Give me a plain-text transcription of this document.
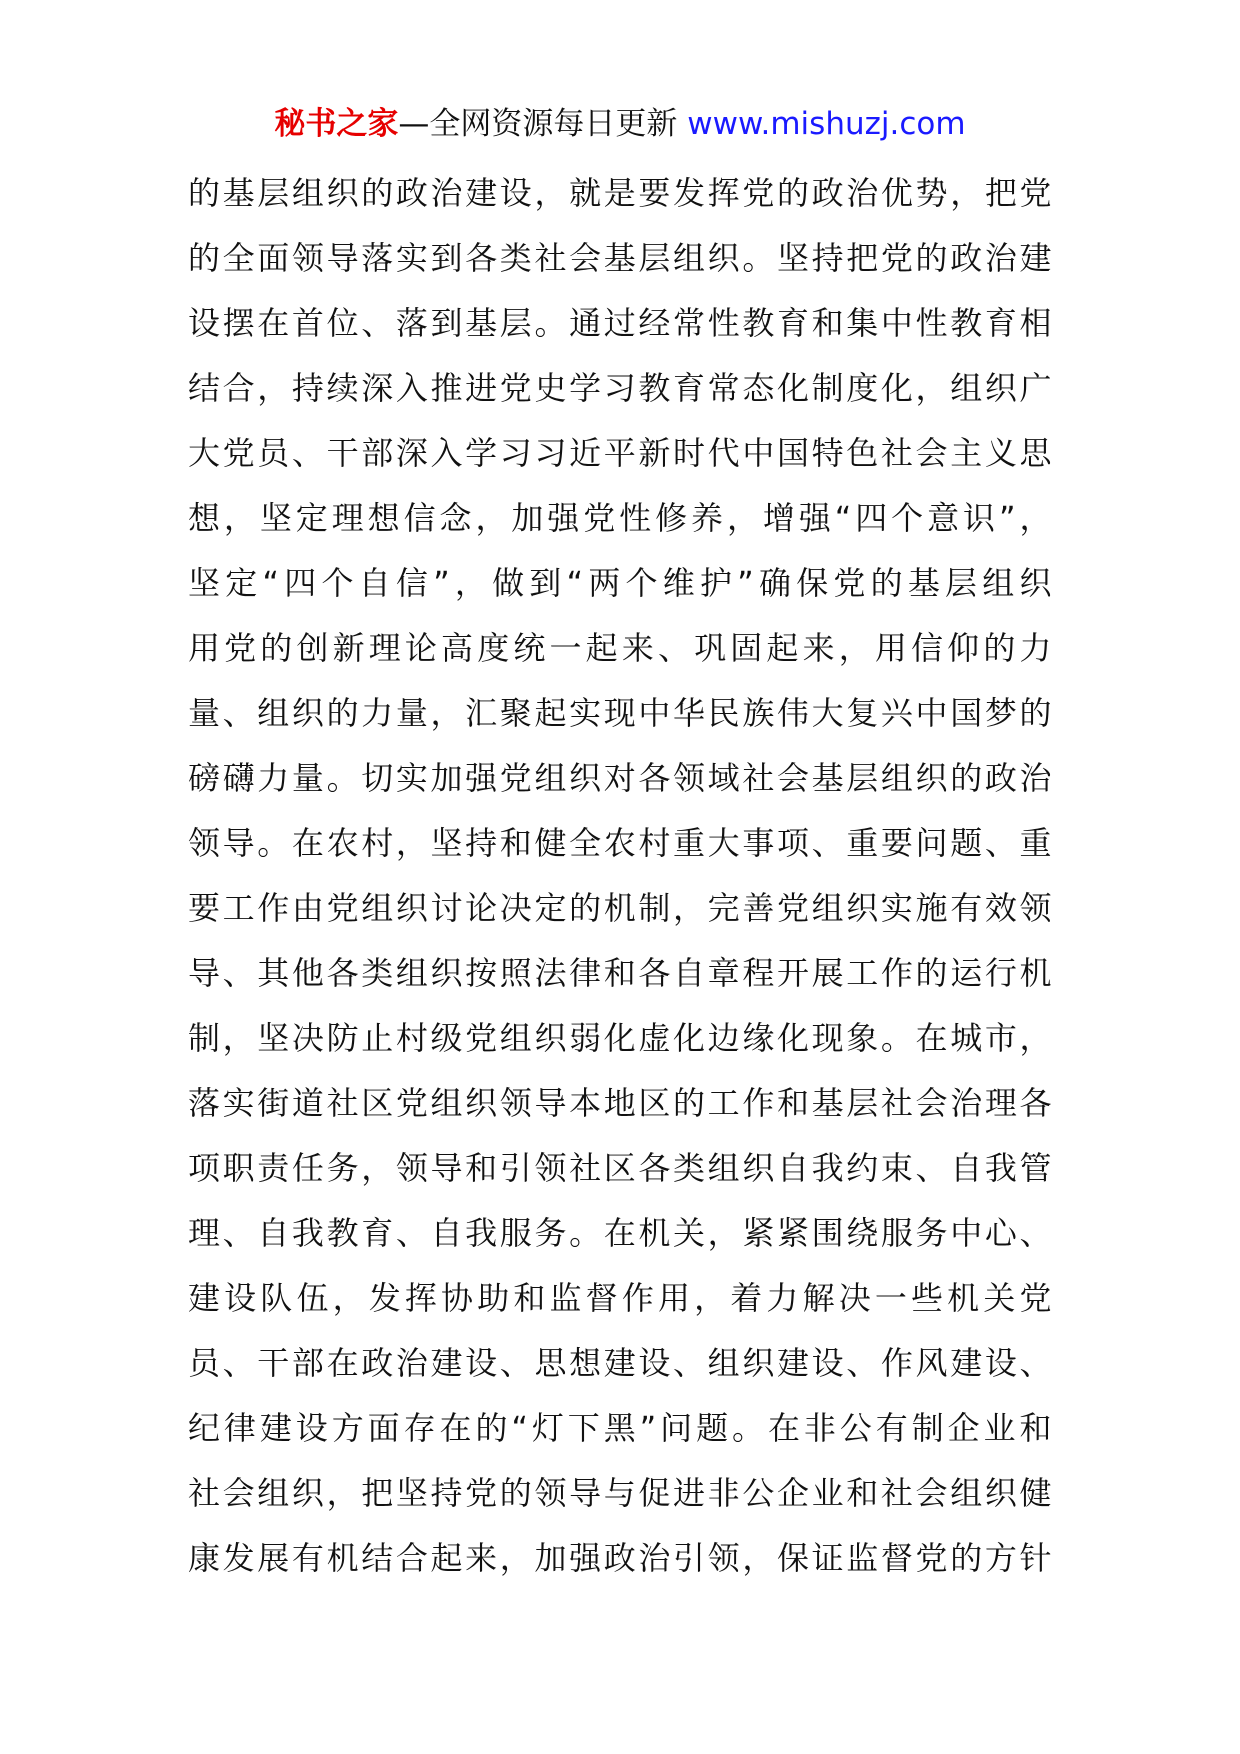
秘书之家—全网资源每日更新 www.mishuzj.com
的基层组织的政治建设，就是要发挥党的政治优势，把党
的全面领导落实到各类社会基层组织。坚持把党的政治建
设摆在首位、落到基层。通过经常性教育和集中性教育相
结合，持续深入推进党史学习教育常态化制度化，组织广
大党员、干部深入学习习近平新时代中国特色社会主义思
想，坚定理想信念，加强党性修养，增强“四个意识”，
坚定“四个自信”，做到“两个维护”确保党的基层组织
用党的创新理论高度统一起来、巩固起来，用信仰的力
量、组织的力量，汇聚起实现中华民族伟大复兴中国梦的
磅礴力量。切实加强党组织对各领域社会基层组织的政治
领导。在农村，坚持和健全农村重大事项、重要问题、重
要工作由党组织讨论决定的机制，完善党组织实施有效领
导、其他各类组织按照法律和各自章程开展工作的运行机
制，坚决防止村级党组织弱化虚化边缘化现象。在城市，
落实街道社区党组织领导本地区的工作和基层社会治理各
项职责任务，领导和引领社区各类组织自我约束、自我管
理、自我教育、自我服务。在机关，紧紧围绕服务中心、
建设队伍，发挥协助和监督作用，着力解决一些机关党
员、干部在政治建设、思想建设、组织建设、作风建设、
纪律建设方面存在的“灯下黑”问题。在非公有制企业和
社会组织，把坚持党的领导与促进非公企业和社会组织健
康发展有机结合起来，加强政治引领，保证监督党的方针
